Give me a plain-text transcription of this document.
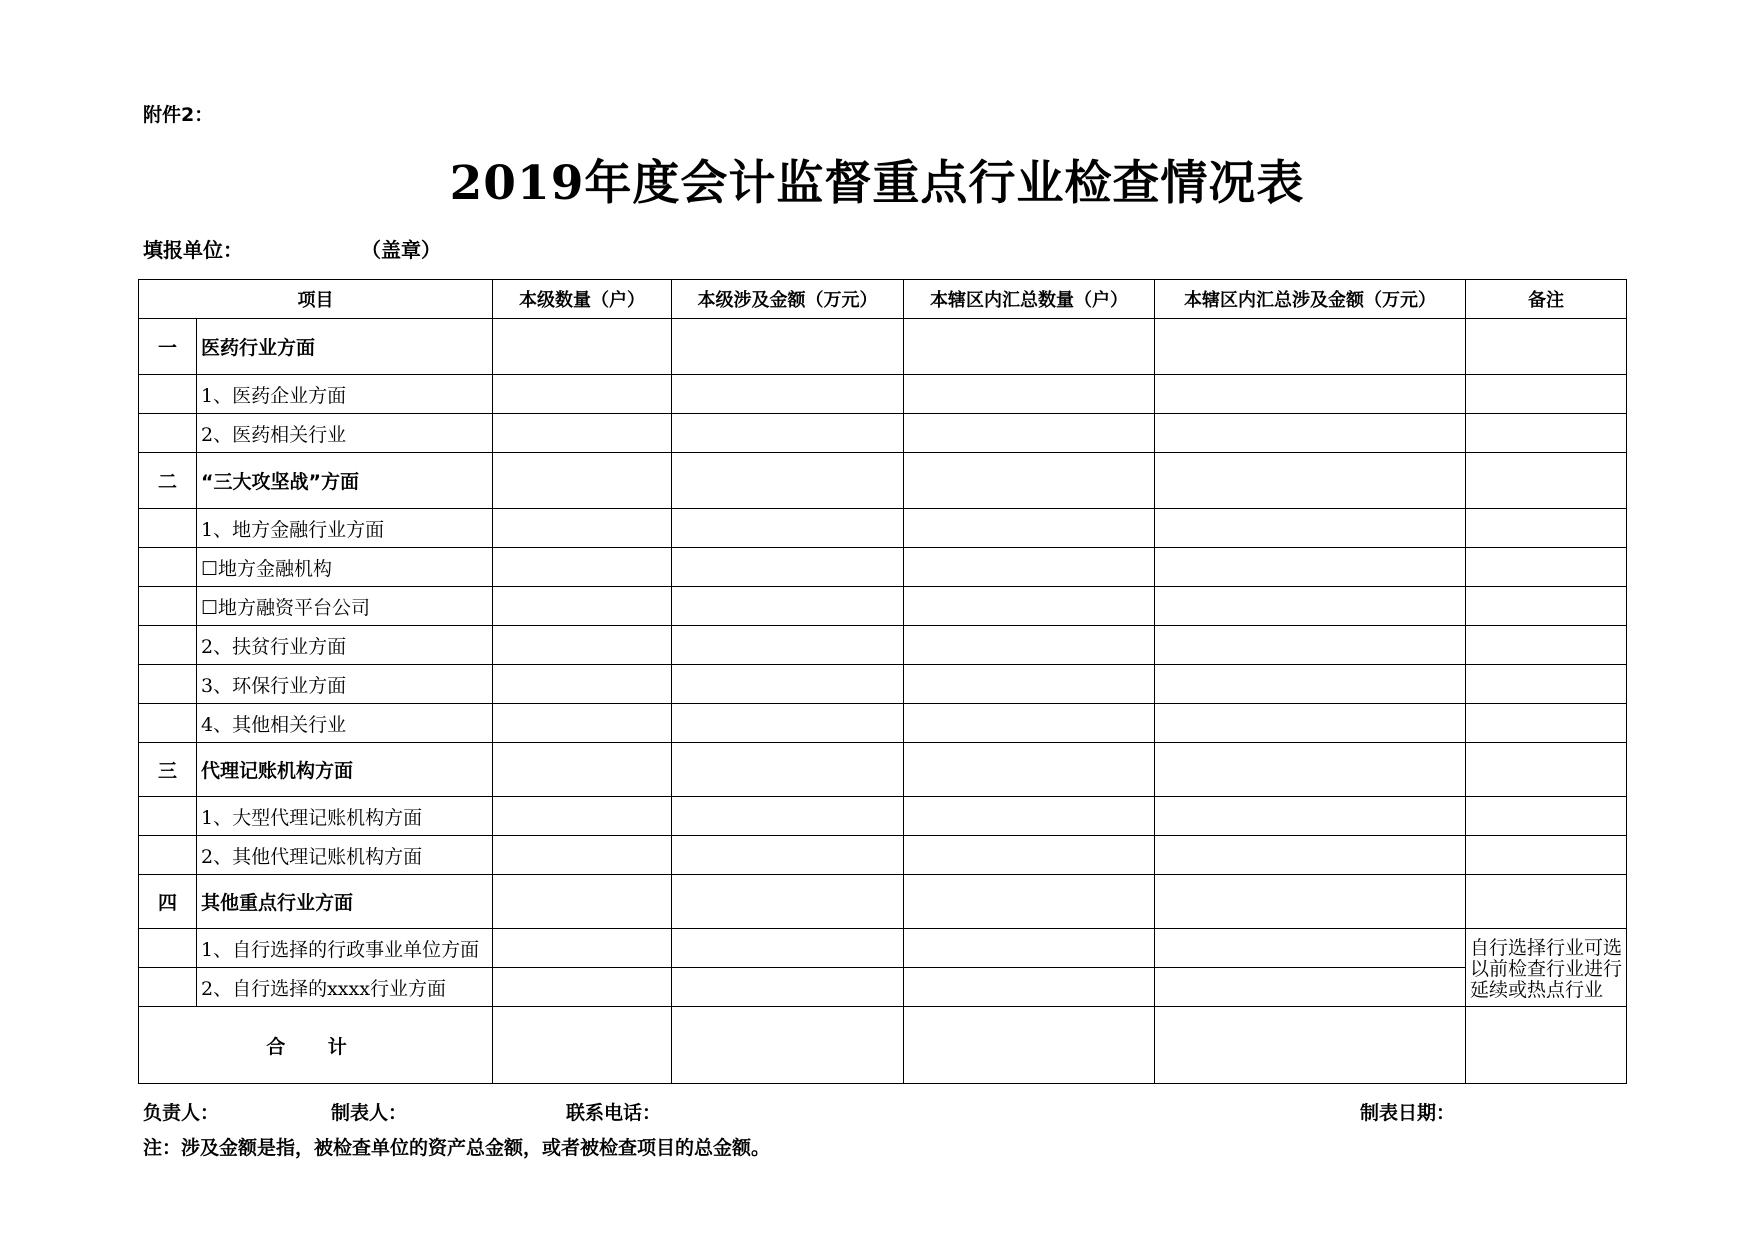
附件2：
2019年度会计监督重点行业检查情况表
填报单位：	（盖章）
项目		本级数量（户）	本级涉及金额（万元）	本辖区内汇总数量（户）	本辖区内汇总涉及金额（万元）	备注
一	医药行业方面					
	1、医药企业方面					
	2、医药相关行业					
二	“三大攻坚战”方面					
	1、地方金融行业方面					
	☐地方金融机构					
	☐地方融资平台公司					
	2、扶贫行业方面					
	3、环保行业方面					
	4、其他相关行业					
三	代理记账机构方面					
	1、大型代理记账机构方面					
	2、其他代理记账机构方面					
四	其他重点行业方面					
	1、自行选择的行政事业单位方面					自行选择行业可选以前检查行业进行延续或热点行业
	2、自行选择的xxxx行业方面					
合 计						
负责人：	制表人：	联系电话：	制表日期：
注：涉及金额是指，被检查单位的资产总金额，或者被检查项目的总金额。
